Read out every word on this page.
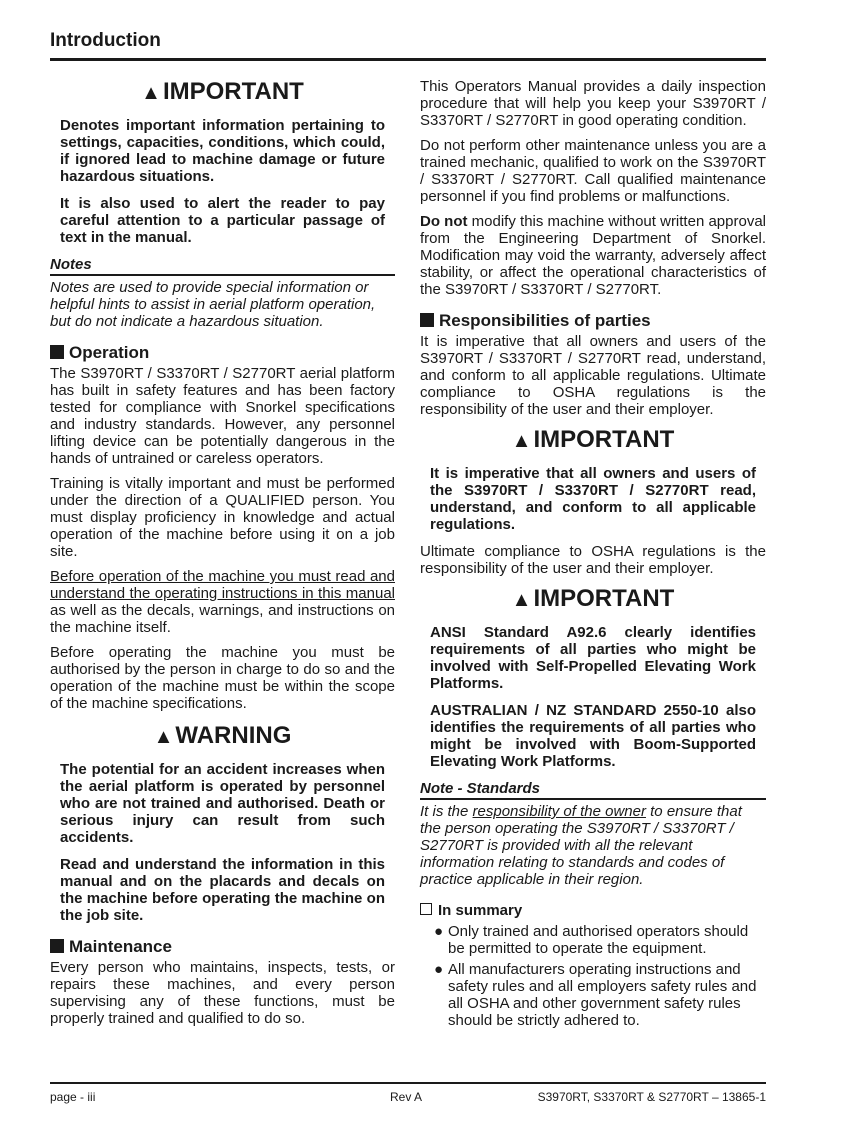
Introduction
▲IMPORTANT

Denotes important information pertaining to settings, capacities, conditions, which could, if ignored lead to machine damage or future hazardous situations.

It is also used to alert the reader to pay careful attention to a particular passage of text in the manual.

Notes

Notes are used to provide special information or helpful hints to assist in aerial platform operation, but do not indicate a hazardous situation.

Operation

The S3970RT / S3370RT / S2770RT aerial platform has built in safety features and has been factory tested for compliance with Snorkel specifications and industry standards. However, any personnel lifting device can be potentially dangerous in the hands of untrained or careless operators.

Training is vitally important and must be performed under the direction of a QUALIFIED person. You must display proficiency in knowledge and actual operation of the machine before using it on a job site.

Before operation of the machine you must read and understand the operating instructions in this manual as well as the decals, warnings, and instructions on the machine itself.

Before operating the machine you must be authorised by the person in charge to do so and the operation of the machine must be within the scope of the machine specifications.

▲WARNING

The potential for an accident increases when the aerial platform is operated by personnel who are not trained and authorised. Death or serious injury can result from such accidents.

Read and understand the information in this manual and on the placards and decals on the machine before operating the machine on the job site.

Maintenance

Every person who maintains, inspects, tests, or repairs these machines, and every person supervising any of these functions, must be properly trained and qualified to do so.

This Operators Manual provides a daily inspection procedure that will help you keep your S3970RT / S3370RT / S2770RT in good operating condition.

Do not perform other maintenance unless you are a trained mechanic, qualified to work on the S3970RT / S3370RT / S2770RT. Call qualified maintenance personnel if you find problems or malfunctions.

Do not modify this machine without written approval from the Engineering Department of Snorkel. Modification may void the warranty, adversely affect stability, or affect the operational characteristics of the S3970RT / S3370RT / S2770RT.

Responsibilities of parties

It is imperative that all owners and users of the S3970RT / S3370RT / S2770RT read, understand, and conform to all applicable regulations. Ultimate compliance to OSHA regulations is the responsibility of the user and their employer.

▲IMPORTANT

It is imperative that all owners and users of the S3970RT / S3370RT / S2770RT read, understand, and conform to all applicable regulations.

Ultimate compliance to OSHA regulations is the responsibility of the user and their employer.

▲IMPORTANT

ANSI Standard A92.6 clearly identifies requirements of all parties who might be involved with Self-Propelled Elevating Work Platforms.

AUSTRALIAN / NZ STANDARD 2550-10 also identifies the requirements of all parties who might be involved with Boom-Supported Elevating Work Platforms.

Note - Standards

It is the responsibility of the owner to ensure that the person operating the S3970RT / S3370RT / S2770RT is provided with all the relevant information relating to standards and codes of practice applicable in their region.

In summary
● Only trained and authorised operators should be permitted to operate the equipment.
● All manufacturers operating instructions and safety rules and all employers safety rules and all OSHA and other government safety rules should be strictly adhered to.
page - iii	Rev A	S3970RT, S3370RT & S2770RT – 13865-1
